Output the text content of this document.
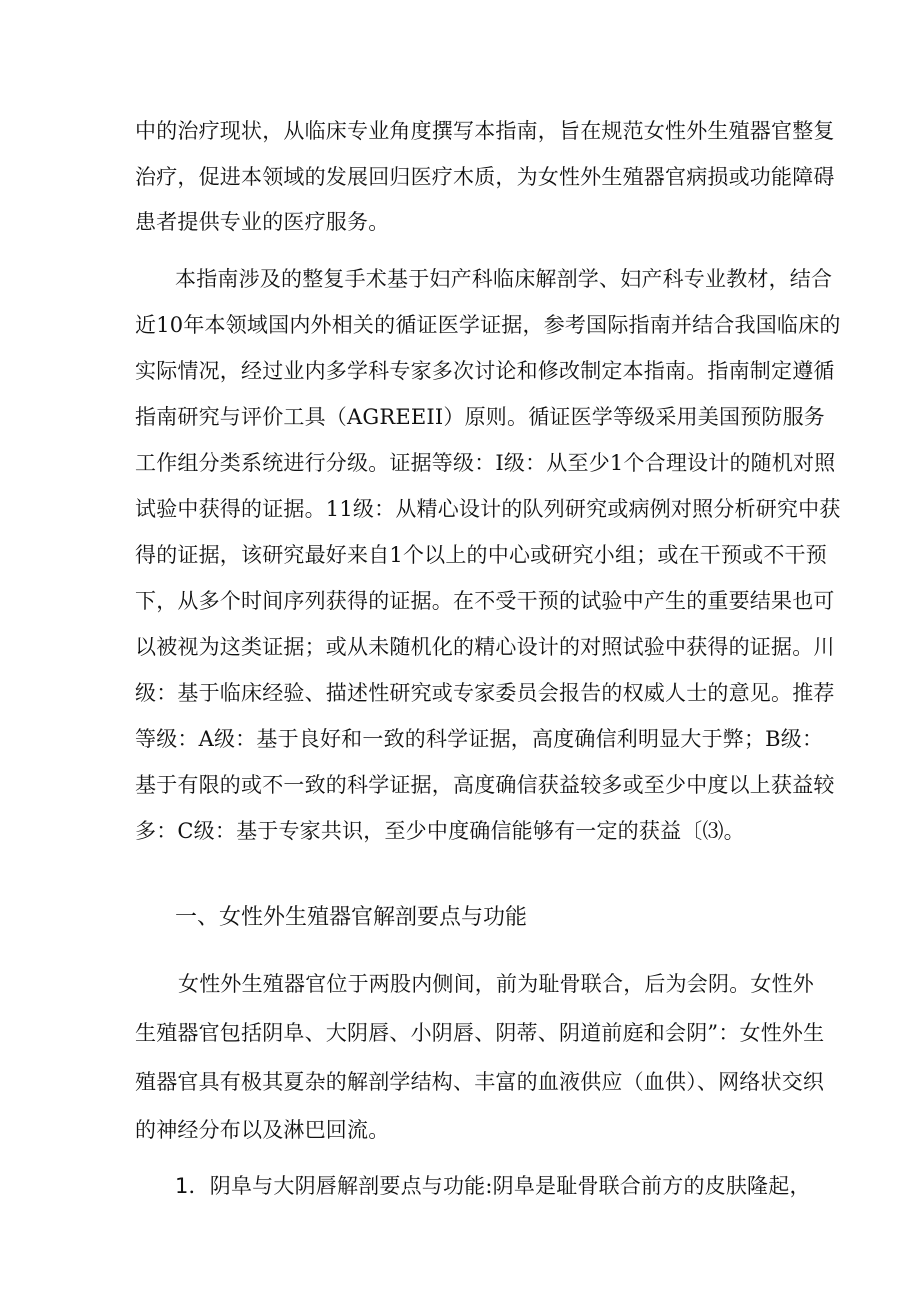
中的治疗现状，从临床专业角度撰写本指南，旨在规范女性外生殖器官整复
治疗，促进本领域的发展回归医疗木质，为女性外生殖器官病损或功能障碍
患者提供专业的医疗服务。
本指南涉及的整复手术基于妇产科临床解剖学、妇产科专业教材，结合
近10年本领域国内外相关的循证医学证据，参考国际指南并结合我国临床的
实际情况，经过业内多学科专家多次讨论和修改制定本指南。指南制定遵循
指南研究与评价工具（AGREEII）原则。循证医学等级采用美国预防服务
工作组分类系统进行分级。证据等级：I级：从至少1个合理设计的随机对照
试验中获得的证据。11级：从精心设计的队列研究或病例对照分析研究中获
得的证据，该研究最好来自1个以上的中心或研究小组；或在干预或不干预
下，从多个时间序列获得的证据。在不受干预的试验中产生的重要结果也可
以被视为这类证据；或从未随机化的精心设计的对照试验中获得的证据。川
级：基于临床经验、描述性研究或专家委员会报告的权威人士的意见。推荐
等级：A级：基于良好和一致的科学证据，高度确信利明显大于弊；B级：
基于有限的或不一致的科学证据，高度确信获益较多或至少中度以上获益较
多：C级：基于专家共识，至少中度确信能够有一定的获益〔⑶。
一、女性外生殖器官解剖要点与功能
女性外生殖器官位于两股内侧间，前为耻骨联合，后为会阴。女性外
生殖器官包括阴阜、大阴唇、小阴唇、阴蒂、阴道前庭和会阴”：女性外生
殖器官具有极其夏杂的解剖学结构、丰富的血液供应（血供）、网络状交织
的神经分布以及淋巴回流。
1．阴阜与大阴唇解剖要点与功能:阴阜是耻骨联合前方的皮肤隆起，
